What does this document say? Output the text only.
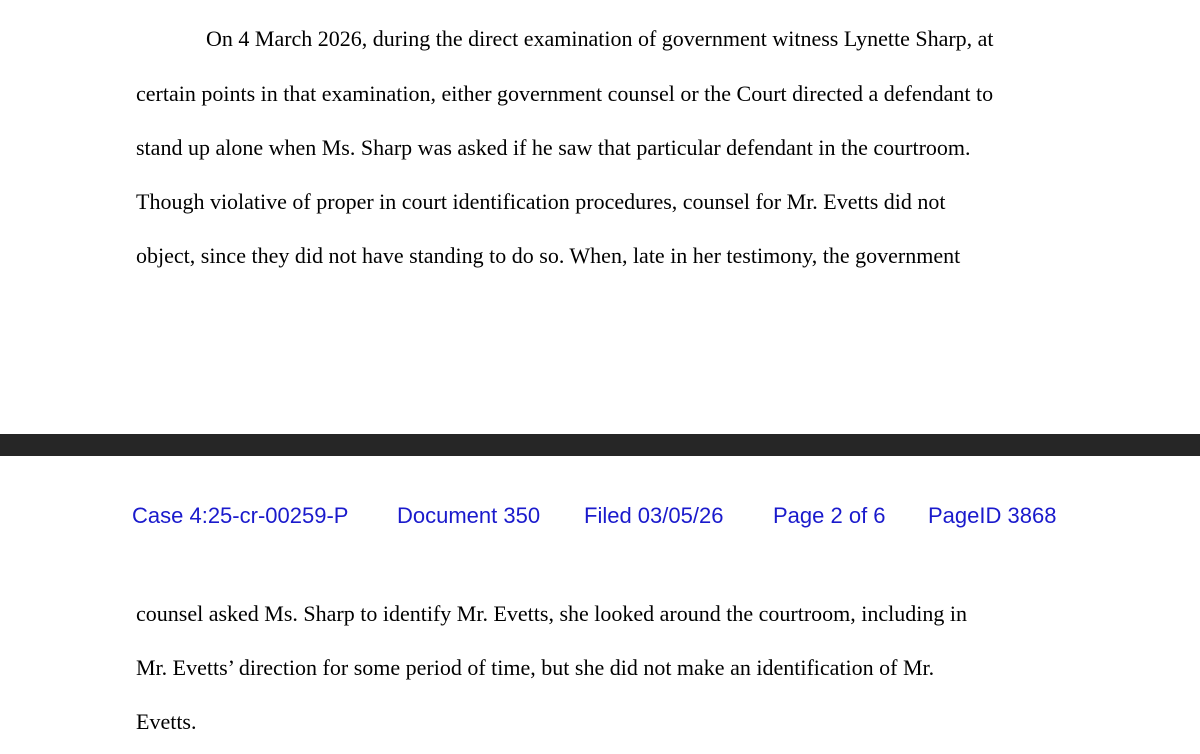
On 4 March 2026, during the direct examination of government witness Lynette Sharp, at

certain points in that examination, either government counsel or the Court directed a defendant to

stand up alone when Ms. Sharp was asked if he saw that particular defendant in the courtroom.

Though violative of proper in court identification procedures, counsel for Mr. Evetts did not

object, since they did not have standing to do so. When, late in her testimony, the government

Case 4:25-cr-00259-P Document 350 Filed 03/05/26 Page 2 of 6 PageID 3868

counsel asked Ms. Sharp to identify Mr. Evetts, she looked around the courtroom, including in

Mr. Evetts’ direction for some period of time, but she did not make an identification of Mr.

Evetts.
